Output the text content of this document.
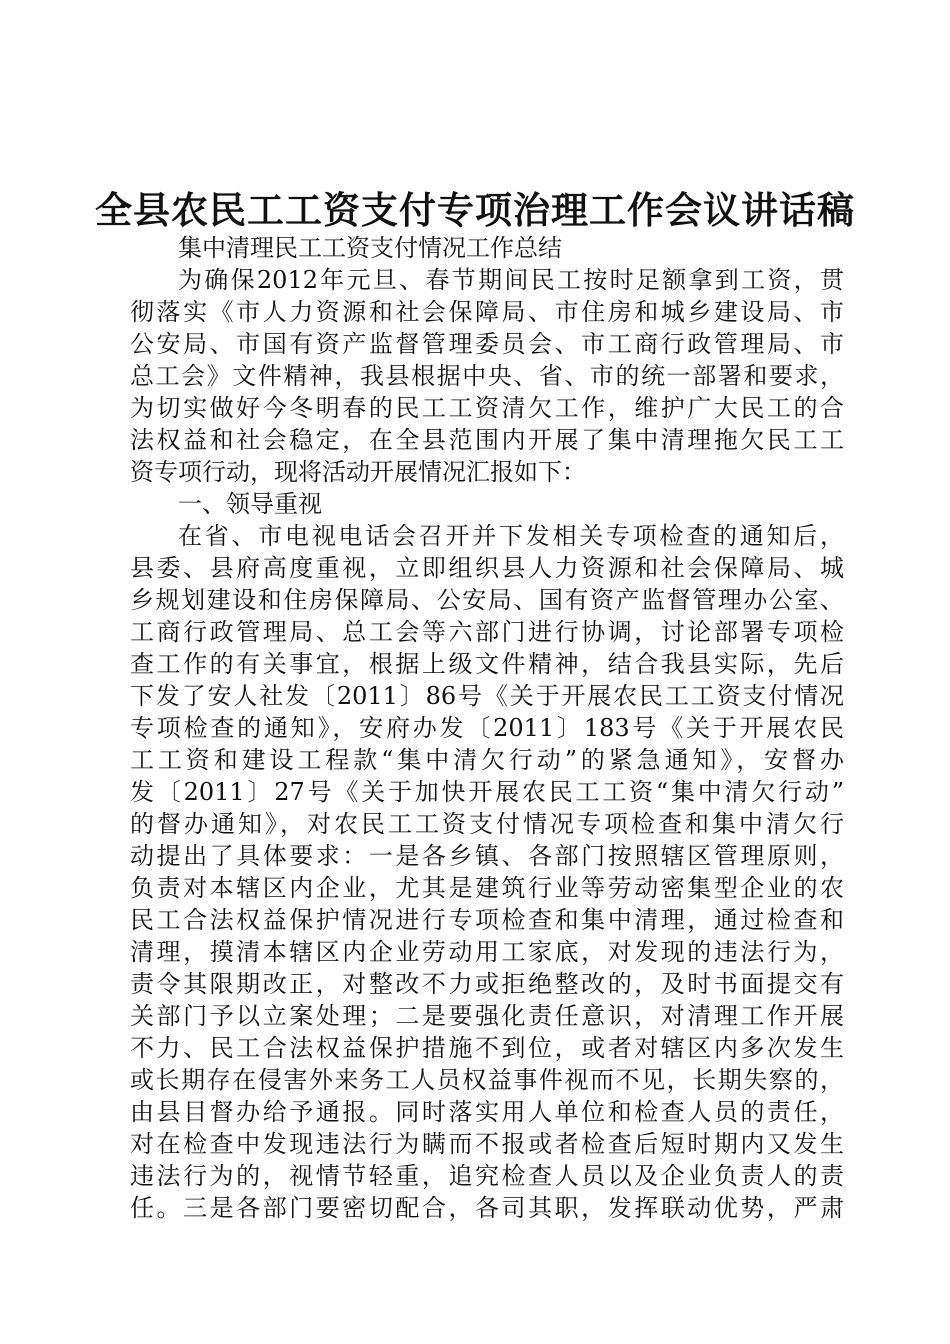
全县农民工工资支付专项治理工作会议讲话稿
集中清理民工工资支付情况工作总结
为确保2012年元旦、春节期间民工按时足额拿到工资，贯
彻落实《市人力资源和社会保障局、市住房和城乡建设局、市
公安局、市国有资产监督管理委员会、市工商行政管理局、市
总工会》文件精神，我县根据中央、省、市的统一部署和要求，
为切实做好今冬明春的民工工资清欠工作，维护广大民工的合
法权益和社会稳定，在全县范围内开展了集中清理拖欠民工工
资专项行动，现将活动开展情况汇报如下：
一、领导重视
在省、市电视电话会召开并下发相关专项检查的通知后，
县委、县府高度重视，立即组织县人力资源和社会保障局、城
乡规划建设和住房保障局、公安局、国有资产监督管理办公室、
工商行政管理局、总工会等六部门进行协调，讨论部署专项检
查工作的有关事宜，根据上级文件精神，结合我县实际，先后
下发了安人社发〔2011〕86号《关于开展农民工工资支付情况
专项检查的通知》，安府办发〔2011〕183号《关于开展农民
工工资和建设工程款“集中清欠行动”的紧急通知》，安督办
发〔2011〕27号《关于加快开展农民工工资“集中清欠行动”
的督办通知》，对农民工工资支付情况专项检查和集中清欠行
动提出了具体要求：一是各乡镇、各部门按照辖区管理原则，
负责对本辖区内企业，尤其是建筑行业等劳动密集型企业的农
民工合法权益保护情况进行专项检查和集中清理，通过检查和
清理，摸清本辖区内企业劳动用工家底，对发现的违法行为，
责令其限期改正，对整改不力或拒绝整改的，及时书面提交有
关部门予以立案处理；二是要强化责任意识，对清理工作开展
不力、民工合法权益保护措施不到位，或者对辖区内多次发生
或长期存在侵害外来务工人员权益事件视而不见，长期失察的，
由县目督办给予通报。同时落实用人单位和检查人员的责任，
对在检查中发现违法行为瞒而不报或者检查后短时期内又发生
违法行为的，视情节轻重，追究检查人员以及企业负责人的责
任。三是各部门要密切配合，各司其职，发挥联动优势，严肃
